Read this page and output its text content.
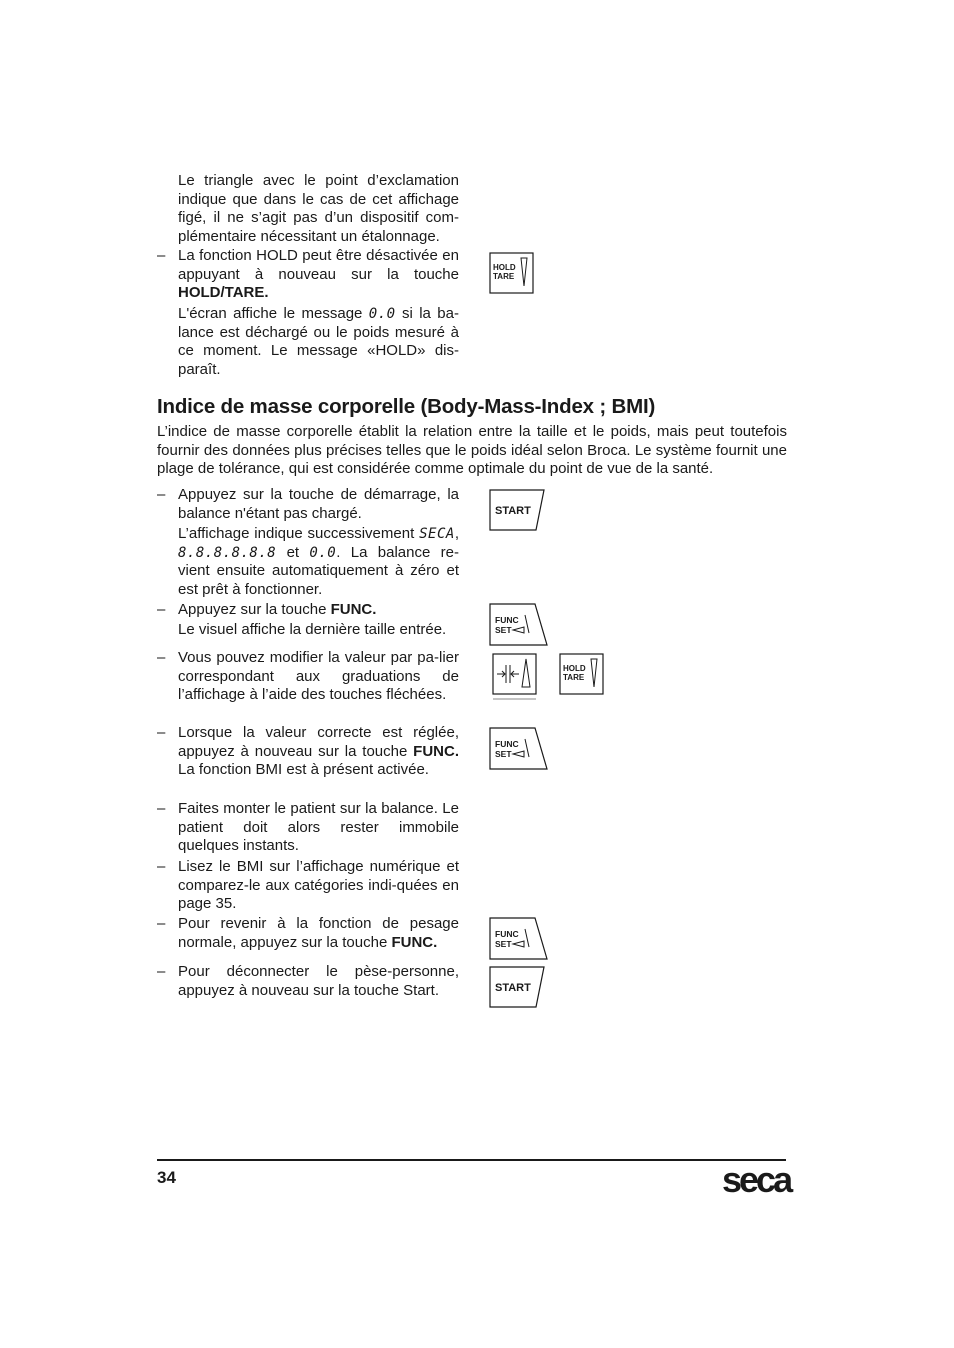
Le triangle avec le point d’exclamation indique que dans le cas de cet affichage figé, il ne s’agit pas d’un dispositif com-plémentaire nécessitant un étalonnage.
– La fonction HOLD peut être désactivée en appuyant à nouveau sur la touche HOLD/TARE.
L'écran affiche le message 0.0 si la ba-lance est déchargé ou le poids mesuré à ce moment. Le message «HOLD» dis-paraît.
HOLD
TARE
Indice de masse corporelle (Body-Mass-Index ; BMI)
L’indice de masse corporelle établit la relation entre la taille et le poids, mais peut toutefois fournir des données plus précises telles que le poids idéal selon Broca. Le système fournit une plage de tolérance, qui est considérée comme optimale du point de vue de la santé.
– Appuyez sur la touche de démarrage, la balance n'étant pas chargé.
L’affichage indique successivement SECA, 8.8.8.8.8.8 et 0.0. La balance re-vient ensuite automatiquement à zéro et est prêt à fonctionner.
START
– Appuyez sur la touche FUNC.
Le visuel affiche la dernière taille entrée.
FUNC
SET
– Vous pouvez modifier la valeur par pa-lier correspondant aux graduations de l’affichage à l’aide des touches fléchées.
HOLD
TARE
– Lorsque la valeur correcte est réglée, appuyez à nouveau sur la touche FUNC. La fonction BMI est à présent activée.
FUNC
SET
– Faites monter le patient sur la balance. Le patient doit alors rester immobile quelques instants.
– Lisez le BMI sur l’affichage numérique et comparez-le aux catégories indi-quées en page 35.
– Pour revenir à la fonction de pesage normale, appuyez sur la touche FUNC.	FUNC
SET
– Pour déconnecter le pèse-personne, appuyez à nouveau sur la touche Start.	START
34	seca
